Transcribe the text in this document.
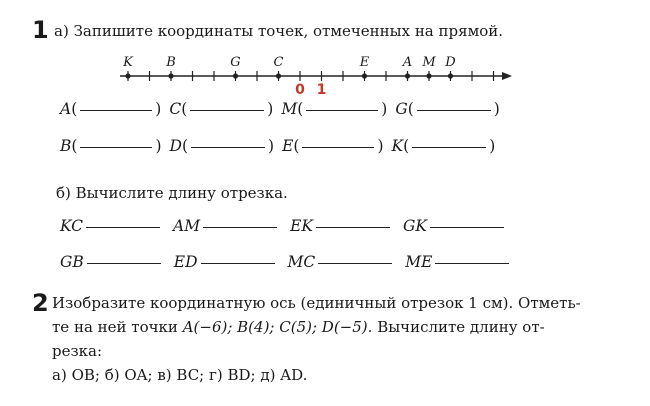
1 а) Запишите координаты точек, отмеченных на прямой.
K	B	G	C	E	A M D
0 1
A (	) C (	) M (	) G (	)
B (	) D (	) E (	) K (	)
б) Вычислите длину отрезка.
KC	AM	EK	GK
GB	ED	MC	ME
2 Изобразите координатную ось (единичный отрезок 1 см). Отметь-
те на ней точки A(−6); B(4); C(5); D(−5). Вычислите длину от-
резка:
а) OB; б) OA; в) BC; г) BD; д) AD.
